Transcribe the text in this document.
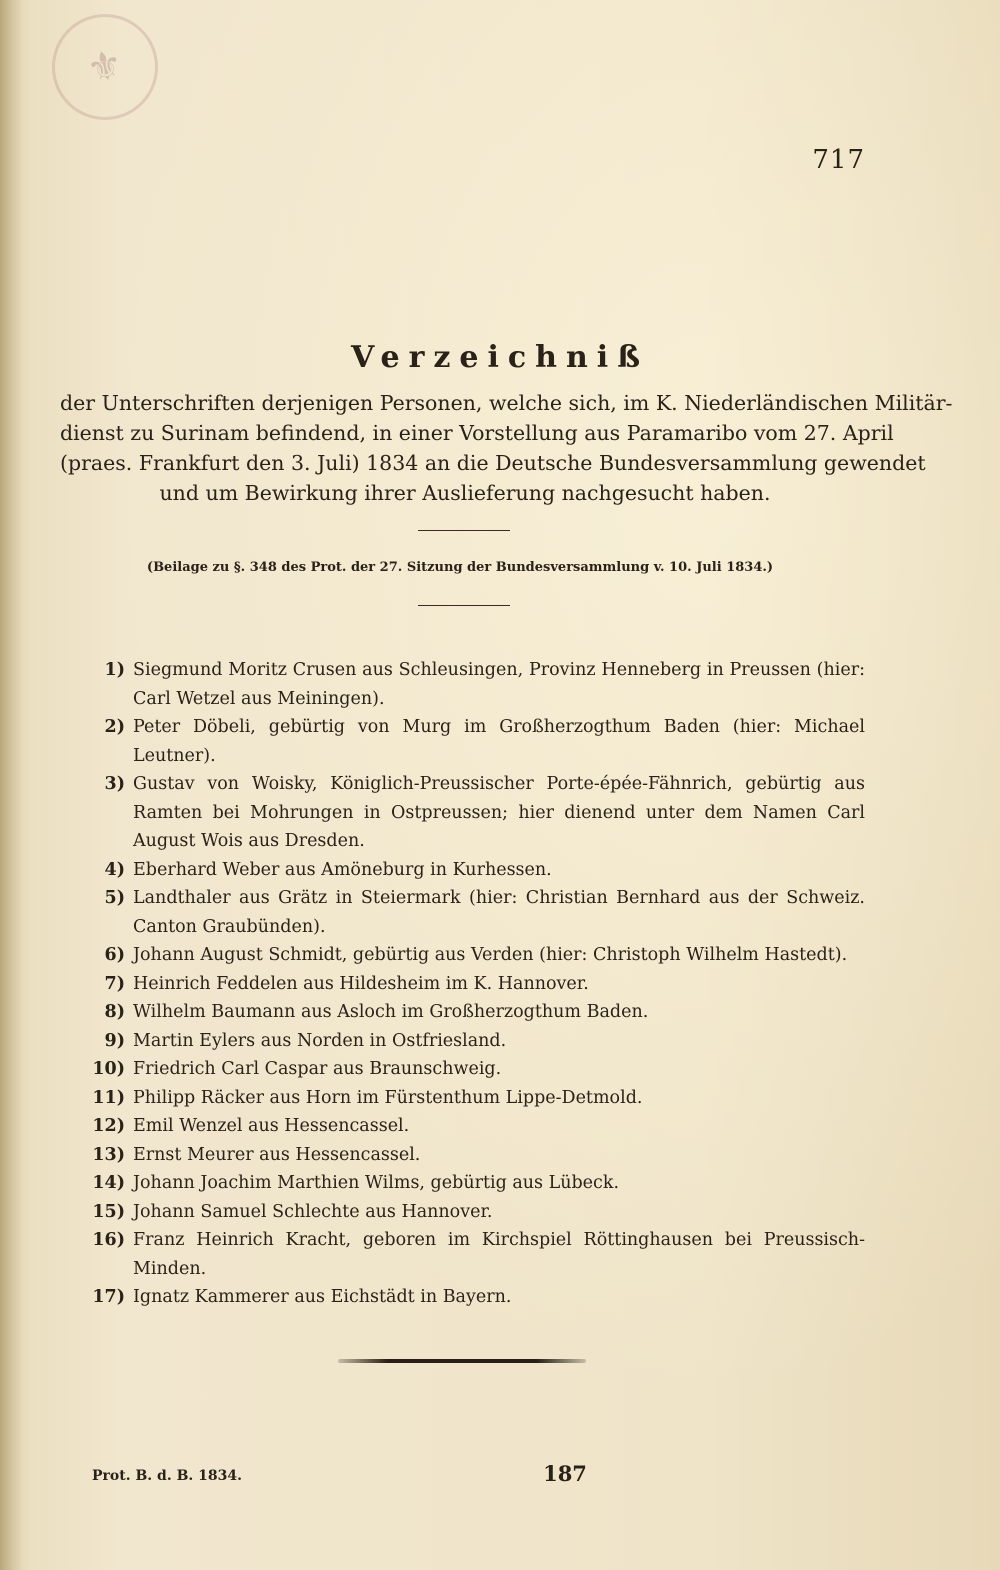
⚜
717
Verzeichniß
der Unterschriften derjenigen Personen, welche sich, im K. Niederländischen Militär-
dienst zu Surinam befindend, in einer Vorstellung aus Paramaribo vom 27. April
(praes. Frankfurt den 3. Juli) 1834 an die Deutsche Bundesversammlung gewendet
und um Bewirkung ihrer Auslieferung nachgesucht haben.
(Beilage zu §. 348 des Prot. der 27. Sitzung der Bundesversammlung v. 10. Juli 1834.)
1) Siegmund Moritz Crusen aus Schleusingen, Provinz Henneberg in Preussen (hier: Carl Wetzel aus Meiningen).
2) Peter Döbeli, gebürtig von Murg im Großherzogthum Baden (hier: Michael Leutner).
3) Gustav von Woisky, Königlich-Preussischer Porte-épée-Fähnrich, gebürtig aus Ramten bei Mohrungen in Ostpreussen; hier dienend unter dem Namen Carl August Wois aus Dresden.
4) Eberhard Weber aus Amöneburg in Kurhessen.
5) Landthaler aus Grätz in Steiermark (hier: Christian Bernhard aus der Schweiz. Canton Graubünden).
6) Johann August Schmidt, gebürtig aus Verden (hier: Christoph Wilhelm Hastedt).
7) Heinrich Feddelen aus Hildesheim im K. Hannover.
8) Wilhelm Baumann aus Asloch im Großherzogthum Baden.
9) Martin Eylers aus Norden in Ostfriesland.
10) Friedrich Carl Caspar aus Braunschweig.
11) Philipp Räcker aus Horn im Fürstenthum Lippe-Detmold.
12) Emil Wenzel aus Hessencassel.
13) Ernst Meurer aus Hessencassel.
14) Johann Joachim Marthien Wilms, gebürtig aus Lübeck.
15) Johann Samuel Schlechte aus Hannover.
16) Franz Heinrich Kracht, geboren im Kirchspiel Röttinghausen bei Preussisch-Minden.
17) Ignatz Kammerer aus Eichstädt in Bayern.
Prot. B. d. B. 1834.	187
